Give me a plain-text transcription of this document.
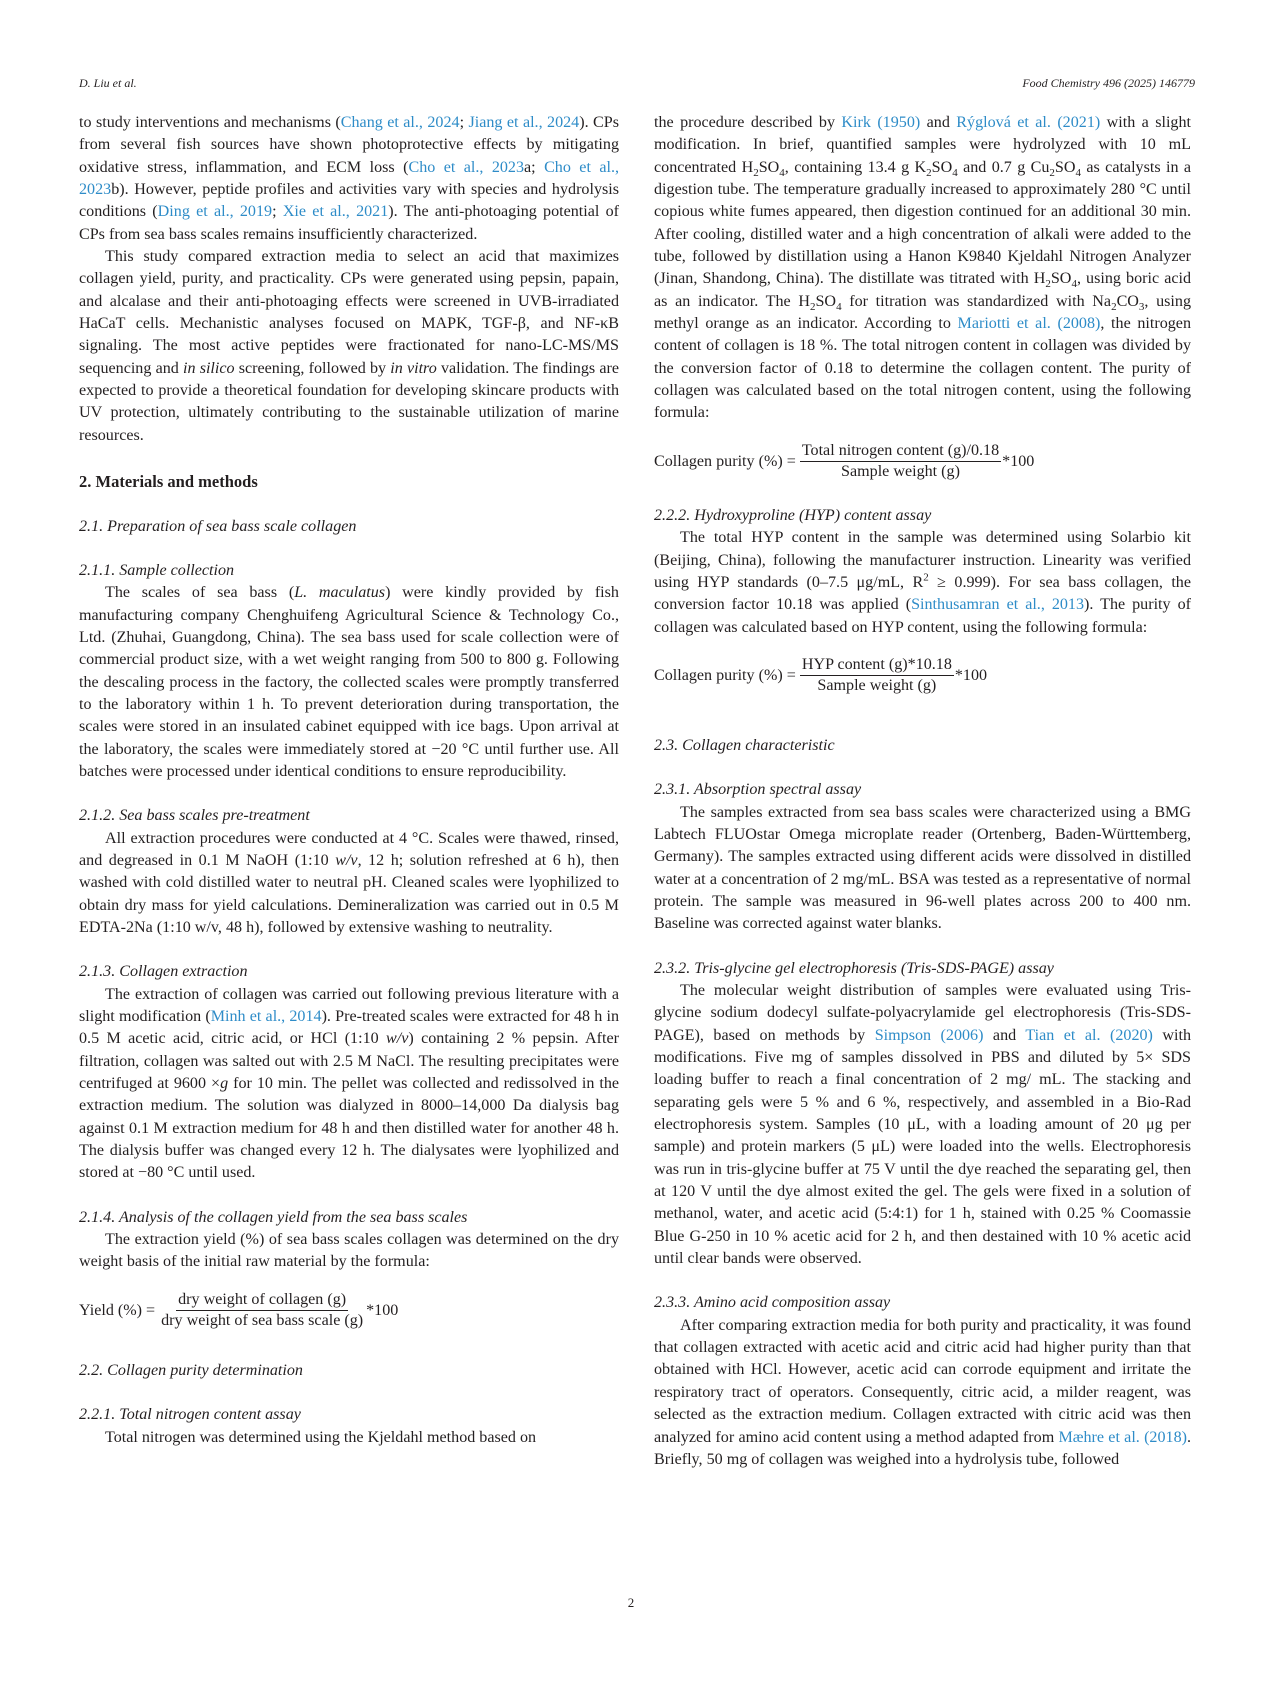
D. Liu et al.	Food Chemistry 496 (2025) 146779

to study interventions and mechanisms (Chang et al., 2024; Jiang et al., 2024). CPs from several fish sources have shown photoprotective effects by mitigating oxidative stress, inflammation, and ECM loss (Cho et al., 2023a; Cho et al., 2023b). However, peptide profiles and activities vary with species and hydrolysis conditions (Ding et al., 2019; Xie et al., 2021). The anti-photoaging potential of CPs from sea bass scales remains insufficiently characterized.

This study compared extraction media to select an acid that maximizes collagen yield, purity, and practicality. CPs were generated using pepsin, papain, and alcalase and their anti-photoaging effects were screened in UVB-irradiated HaCaT cells. Mechanistic analyses focused on MAPK, TGF-β, and NF-κB signaling. The most active peptides were fractionated for nano-LC-MS/MS sequencing and in silico screening, followed by in vitro validation. The findings are expected to provide a theoretical foundation for developing skincare products with UV protection, ultimately contributing to the sustainable utilization of marine resources.

2. Materials and methods
2.1. Preparation of sea bass scale collagen
2.1.1. Sample collection

The scales of sea bass (L. maculatus) were kindly provided by fish manufacturing company Chenghuifeng Agricultural Science & Technology Co., Ltd. (Zhuhai, Guangdong, China). The sea bass used for scale collection were of commercial product size, with a wet weight ranging from 500 to 800 g. Following the descaling process in the factory, the collected scales were promptly transferred to the laboratory within 1 h. To prevent deterioration during transportation, the scales were stored in an insulated cabinet equipped with ice bags. Upon arrival at the laboratory, the scales were immediately stored at −20 °C until further use. All batches were processed under identical conditions to ensure reproducibility.

2.1.2. Sea bass scales pre-treatment

All extraction procedures were conducted at 4 °C. Scales were thawed, rinsed, and degreased in 0.1 M NaOH (1:10 w/v, 12 h; solution refreshed at 6 h), then washed with cold distilled water to neutral pH. Cleaned scales were lyophilized to obtain dry mass for yield calculations. Demineralization was carried out in 0.5 M EDTA-2Na (1:10 w/v, 48 h), followed by extensive washing to neutrality.

2.1.3. Collagen extraction

The extraction of collagen was carried out following previous literature with a slight modification (Minh et al., 2014). Pre-treated scales were extracted for 48 h in 0.5 M acetic acid, citric acid, or HCl (1:10 w/v) containing 2 % pepsin. After filtration, collagen was salted out with 2.5 M NaCl. The resulting precipitates were centrifuged at 9600 ×g for 10 min. The pellet was collected and redissolved in the extraction medium. The solution was dialyzed in 8000–14,000 Da dialysis bag against 0.1 M extraction medium for 48 h and then distilled water for another 48 h. The dialysis buffer was changed every 12 h. The dialysates were lyophilized and stored at −80 °C until used.

2.1.4. Analysis of the collagen yield from the sea bass scales

The extraction yield (%) of sea bass scales collagen was determined on the dry weight basis of the initial raw material by the formula:

Yield (%) = $\frac{\text{dry weight of collagen (g)}}{\text{dry weight of sea bass scale (g)}} *100$
2.2. Collagen purity determination
2.2.1. Total nitrogen content assay

Total nitrogen was determined using the Kjeldahl method based on

the procedure described by Kirk (1950) and Rýglová et al. (2021) with a slight modification. In brief, quantified samples were hydrolyzed with 10 mL concentrated $H_2SO_4$, containing 13.4 g $K_2SO_4$ and 0.7 g $Cu_2SO_4$ as catalysts in a digestion tube. The temperature gradually increased to approximately 280 °C until copious white fumes appeared, then digestion continued for an additional 30 min. After cooling, distilled water and a high concentration of alkali were added to the tube, followed by distillation using a Hanon K9840 Kjeldahl Nitrogen Analyzer (Jinan, Shandong, China). The distillate was titrated with $H_2SO_4$, using boric acid as an indicator. The $H_2SO_4$ for titration was standardized with $Na_2CO_3$, using methyl orange as an indicator. According to Mariotti et al. (2008), the nitrogen content of collagen is 18 %. The total nitrogen content in collagen was divided by the conversion factor of 0.18 to determine the collagen content. The purity of collagen was calculated based on the total nitrogen content, using the following formula:

Collagen purity (%) = $\frac{\text{Total nitrogen content (g)/0.18}}{\text{Sample weight (g)}} *100$
2.2.2. Hydroxyproline (HYP) content assay

The total HYP content in the sample was determined using Solarbio kit (Beijing, China), following the manufacturer instruction. Linearity was verified using HYP standards (0–7.5 μg/mL, $R^2 \ge 0.999$). For sea bass collagen, the conversion factor 10.18 was applied (Sinthusamran et al., 2013). The purity of collagen was calculated based on HYP content, using the following formula:

Collagen purity (%) = $\frac{\text{HYP content (g)*10.18}}{\text{Sample weight (g)}} *100$
2.3. Collagen characteristic
2.3.1. Absorption spectral assay

The samples extracted from sea bass scales were characterized using a BMG Labtech FLUOstar Omega microplate reader (Ortenberg, Baden-Württemberg, Germany). The samples extracted using different acids were dissolved in distilled water at a concentration of 2 mg/mL. BSA was tested as a representative of normal protein. The sample was measured in 96-well plates across 200 to 400 nm. Baseline was corrected against water blanks.

2.3.2. Tris-glycine gel electrophoresis (Tris-SDS-PAGE) assay

The molecular weight distribution of samples were evaluated using Tris-glycine sodium dodecyl sulfate-polyacrylamide gel electrophoresis (Tris-SDS-PAGE), based on methods by Simpson (2006) and Tian et al. (2020) with modifications. Five mg of samples dissolved in PBS and diluted by 5× SDS loading buffer to reach a final concentration of 2 mg/ mL. The stacking and separating gels were 5 % and 6 %, respectively, and assembled in a Bio-Rad electrophoresis system. Samples (10 μL, with a loading amount of 20 μg per sample) and protein markers (5 μL) were loaded into the wells. Electrophoresis was run in tris-glycine buffer at 75 V until the dye reached the separating gel, then at 120 V until the dye almost exited the gel. The gels were fixed in a solution of methanol, water, and acetic acid (5:4:1) for 1 h, stained with 0.25 % Coomassie Blue G-250 in 10 % acetic acid for 2 h, and then destained with 10 % acetic acid until clear bands were observed.

2.3.3. Amino acid composition assay

After comparing extraction media for both purity and practicality, it was found that collagen extracted with acetic acid and citric acid had higher purity than that obtained with HCl. However, acetic acid can corrode equipment and irritate the respiratory tract of operators. Consequently, citric acid, a milder reagent, was selected as the extraction medium. Collagen extracted with citric acid was then analyzed for amino acid content using a method adapted from Mæhre et al. (2018). Briefly, 50 mg of collagen was weighed into a hydrolysis tube, followed

2
